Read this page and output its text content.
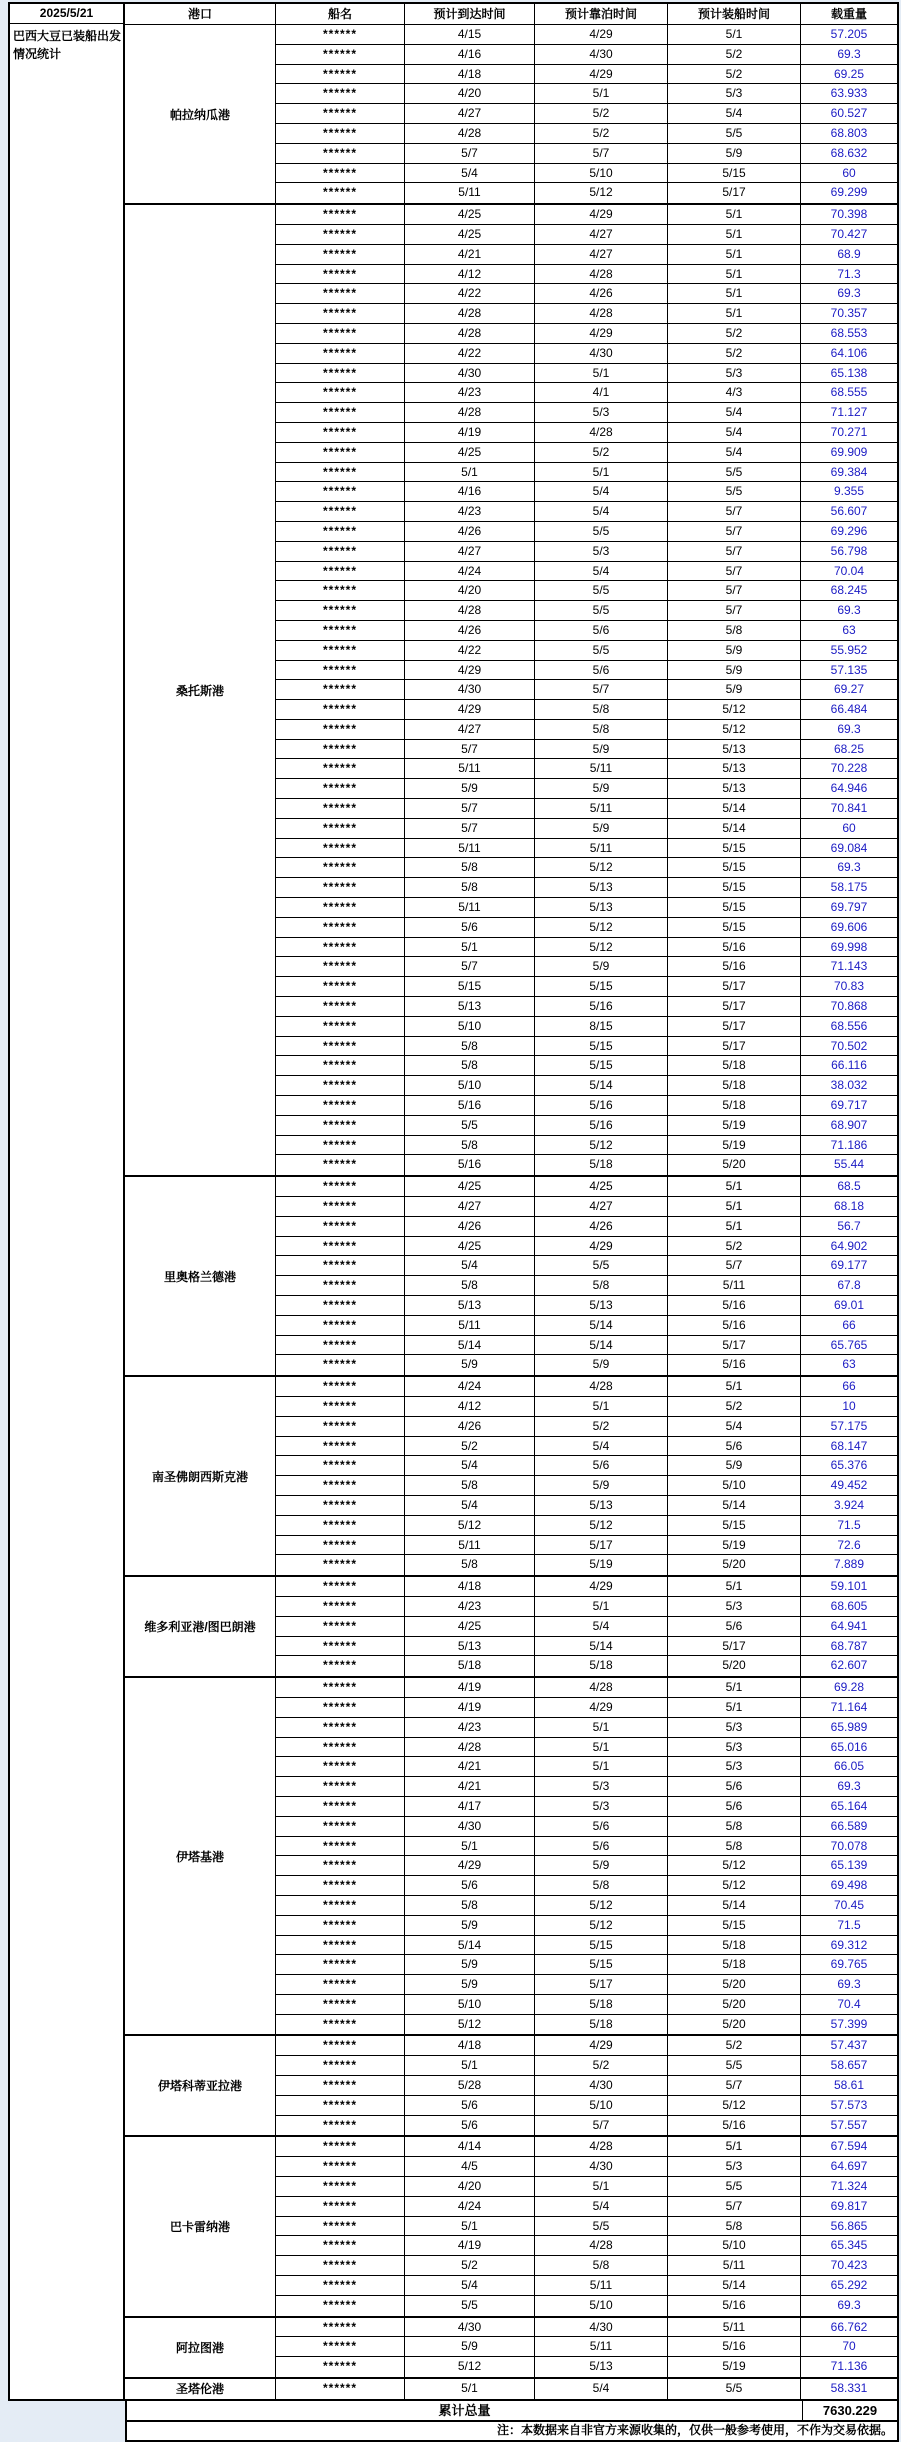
2025/5/21
巴西大豆已装船出发情况统计
港口	船名	预计到达时间	预计靠泊时间	预计装船时间	载重量
帕拉纳瓜港
******	4/15	4/29	5/1	57.205
******	4/16	4/30	5/2	69.3
******	4/18	4/29	5/2	69.25
******	4/20	5/1	5/3	63.933
******	4/27	5/2	5/4	60.527
******	4/28	5/2	5/5	68.803
******	5/7	5/7	5/9	68.632
******	5/4	5/10	5/15	60
******	5/11	5/12	5/17	69.299
桑托斯港
******	4/25	4/29	5/1	70.398
******	4/25	4/27	5/1	70.427
******	4/21	4/27	5/1	68.9
******	4/12	4/28	5/1	71.3
******	4/22	4/26	5/1	69.3
******	4/28	4/28	5/1	70.357
******	4/28	4/29	5/2	68.553
******	4/22	4/30	5/2	64.106
******	4/30	5/1	5/3	65.138
******	4/23	4/1	4/3	68.555
******	4/28	5/3	5/4	71.127
******	4/19	4/28	5/4	70.271
******	4/25	5/2	5/4	69.909
******	5/1	5/1	5/5	69.384
******	4/16	5/4	5/5	9.355
******	4/23	5/4	5/7	56.607
******	4/26	5/5	5/7	69.296
******	4/27	5/3	5/7	56.798
******	4/24	5/4	5/7	70.04
******	4/20	5/5	5/7	68.245
******	4/28	5/5	5/7	69.3
******	4/26	5/6	5/8	63
******	4/22	5/5	5/9	55.952
******	4/29	5/6	5/9	57.135
******	4/30	5/7	5/9	69.27
******	4/29	5/8	5/12	66.484
******	4/27	5/8	5/12	69.3
******	5/7	5/9	5/13	68.25
******	5/11	5/11	5/13	70.228
******	5/9	5/9	5/13	64.946
******	5/7	5/11	5/14	70.841
******	5/7	5/9	5/14	60
******	5/11	5/11	5/15	69.084
******	5/8	5/12	5/15	69.3
******	5/8	5/13	5/15	58.175
******	5/11	5/13	5/15	69.797
******	5/6	5/12	5/15	69.606
******	5/1	5/12	5/16	69.998
******	5/7	5/9	5/16	71.143
******	5/15	5/15	5/17	70.83
******	5/13	5/16	5/17	70.868
******	5/10	8/15	5/17	68.556
******	5/8	5/15	5/17	70.502
******	5/8	5/15	5/18	66.116
******	5/10	5/14	5/18	38.032
******	5/16	5/16	5/18	69.717
******	5/5	5/16	5/19	68.907
******	5/8	5/12	5/19	71.186
******	5/16	5/18	5/20	55.44
里奥格兰德港
******	4/25	4/25	5/1	68.5
******	4/27	4/27	5/1	68.18
******	4/26	4/26	5/1	56.7
******	4/25	4/29	5/2	64.902
******	5/4	5/5	5/7	69.177
******	5/8	5/8	5/11	67.8
******	5/13	5/13	5/16	69.01
******	5/11	5/14	5/16	66
******	5/14	5/14	5/17	65.765
******	5/9	5/9	5/16	63
南圣佛朗西斯克港
******	4/24	4/28	5/1	66
******	4/12	5/1	5/2	10
******	4/26	5/2	5/4	57.175
******	5/2	5/4	5/6	68.147
******	5/4	5/6	5/9	65.376
******	5/8	5/9	5/10	49.452
******	5/4	5/13	5/14	3.924
******	5/12	5/12	5/15	71.5
******	5/11	5/17	5/19	72.6
******	5/8	5/19	5/20	7.889
维多利亚港/图巴朗港
******	4/18	4/29	5/1	59.101
******	4/23	5/1	5/3	68.605
******	4/25	5/4	5/6	64.941
******	5/13	5/14	5/17	68.787
******	5/18	5/18	5/20	62.607
伊塔基港
******	4/19	4/28	5/1	69.28
******	4/19	4/29	5/1	71.164
******	4/23	5/1	5/3	65.989
******	4/28	5/1	5/3	65.016
******	4/21	5/1	5/3	66.05
******	4/21	5/3	5/6	69.3
******	4/17	5/3	5/6	65.164
******	4/30	5/6	5/8	66.589
******	5/1	5/6	5/8	70.078
******	4/29	5/9	5/12	65.139
******	5/6	5/8	5/12	69.498
******	5/8	5/12	5/14	70.45
******	5/9	5/12	5/15	71.5
******	5/14	5/15	5/18	69.312
******	5/9	5/15	5/18	69.765
******	5/9	5/17	5/20	69.3
******	5/10	5/18	5/20	70.4
******	5/12	5/18	5/20	57.399
伊塔科蒂亚拉港
******	4/18	4/29	5/2	57.437
******	5/1	5/2	5/5	58.657
******	5/28	4/30	5/7	58.61
******	5/6	5/10	5/12	57.573
******	5/6	5/7	5/16	57.557
巴卡雷纳港
******	4/14	4/28	5/1	67.594
******	4/5	4/30	5/3	64.697
******	4/20	5/1	5/5	71.324
******	4/24	5/4	5/7	69.817
******	5/1	5/5	5/8	56.865
******	4/19	4/28	5/10	65.345
******	5/2	5/8	5/11	70.423
******	5/4	5/11	5/14	65.292
******	5/5	5/10	5/16	69.3
阿拉图港
******	4/30	4/30	5/11	66.762
******	5/9	5/11	5/16	70
******	5/12	5/13	5/19	71.136
圣塔伦港	******	5/1	5/4	5/5	58.331
累计总量	7630.229
注：本数据来自非官方来源收集的，仅供一般参考使用，不作为交易依据。
